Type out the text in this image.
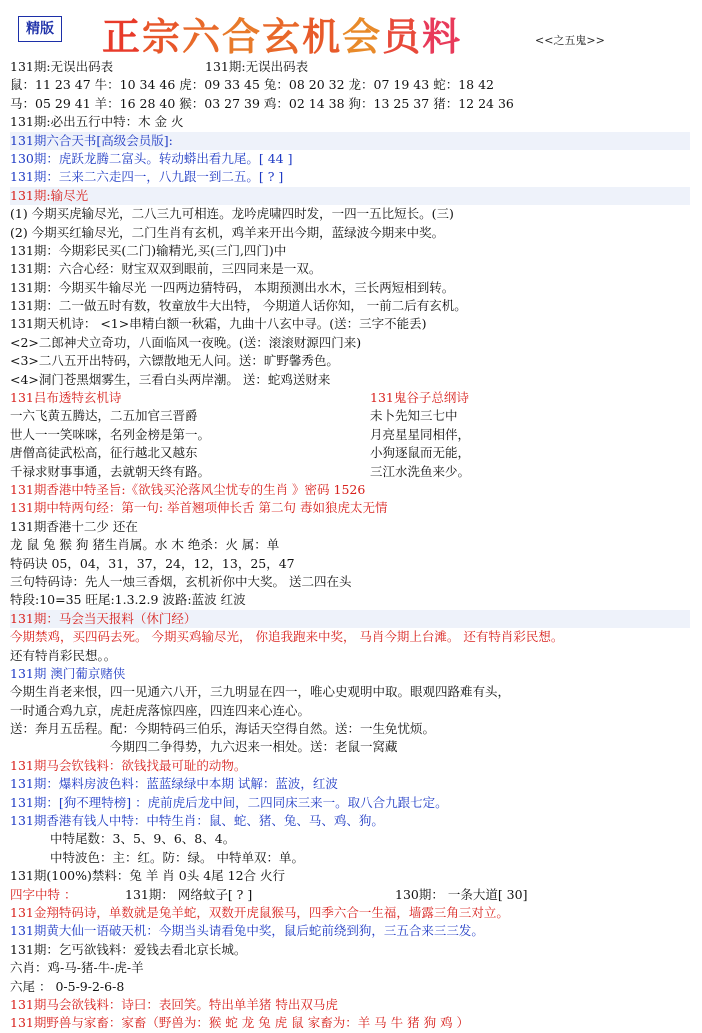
精版 正宗六合玄机会员料	<<之五鬼>>
131期:无误出码表	131期:无误出码表
鼠：11 23 47 牛：10 34 46 虎：09 33 45 兔：08 20 32 龙：07 19 43 蛇：18 42
马：05 29 41 羊：16 28 40 猴：03 27 39 鸡：02 14 38 狗：13 25 37 猪：12 24 36
131期:必出五行中特：木 金 火
131期六合天书[高级会员版]:
130期：虎跃龙腾二富头。转动蟒出看九尾。[ 44 ]
131期：三来二六走四一，八九跟一到二五。[ ? ]
131期:输尽光
(1) 今期买虎输尽光，二八三九可相连。龙吟虎啸四时发，一四一五比短长。(三)
(2) 今期买红输尽光，二门生肖有玄机，鸡羊来开出今期，蓝绿波今期来中奖。
131期：今期彩民买(二门)输精光,买(三门,四门)中
131期：六合心经：财宝双双到眼前，三四同来是一双。
131期：今期买牛输尽光 一四两边猜特码， 本期预测出水木，三长两短相到转。
131期：二一做五时有数，牧童放牛大出特， 今期道人话你知， 一前二后有玄机。
131期天机诗： <1>串精白额一秋霜，九曲十八玄中寻。(送：三字不能丢)
<2>二郎神犬立奇功，八面临风一夜晚。(送：滚滚财源四门来)
<3>二八五开出特码，六镖散地无人问。送：旷野馨秀色。
<4>洞门苍黑烟雾生，三看白头两岸潮。 送：蛇鸡送财来
131吕布透特玄机诗	131鬼谷子总纲诗
一六飞黄五腾达，二五加官三晋爵	未卜先知三七中
世人一一笑咪咪，名列金榜是第一。	月亮星星同相伴，
唐僧高徒武松高，征行越北又越东	小狗逐鼠而无能，
千禄求财事事通，去就朝天终有路。	三江水洗鱼来少。
131期香港中特圣旨:《欲钱买沦落风尘忧专的生肖 》密码 1526
131期中特两句经：第一句: 举首翘项伸长舌 第二句 毒如狼虎太无情
131期香港十二少 还在
龙 鼠 兔 猴 狗 猪生肖属。水 木 绝杀：火 属：单
特码诀 05，04，31，37，24，12，13，25，47
三句特码诗：先人一烛三香烟，玄机祈你中大奖。 送二四在头
特段:10=35 旺尾:1.3.2.9 波路:蓝波 红波
131期：马会当天报料（休门经）
今期禁鸡，买四码去死。 今期买鸡输尽光， 你追我跑来中奖， 马肖今期上台滩。 还有特肖彩民想。
还有特肖彩民想。。
131期 澳门葡京赌侠
今期生肖老来恨，四一见通六八开，三九明显在四一，唯心史观明中取。眼观四路难有头，
一时通合鸡九京，虎赶虎落惊四座，四连四来心连心。
送：奔月五岳程。配：今期特码三伯乐，海话天空得自然。送：一生免忧烦。
今期四二争得势，九六迟来一相处。送：老鼠一窝藏
131期马会钦钱料：欲钱找最可耻的动物。
131期：爆料房波色料：蓝蓝绿绿中本期 试解：蓝波，红波
131期：[狗不理特榜] ：虎前虎后龙中间，二四同床三来一。取八合九跟七定。
131期香港有钱人中特：中特生肖：鼠、蛇、猪、兔、马、鸡、狗。
中特尾数：3、5、9、6、8、4。
中特波色：主：红。防：绿。 中特单双：单。
131期(100%)禁料：兔 羊 肖 0头 4尾 12合 火行
四字中特 ：	131期： 网络蚊子[ ? ]	130期： 一条大道[ 30]
131金翔特码诗，单数就是兔羊蛇，双数开虎鼠猴马，四季六合一生福，墙露三角三对立。
131期黄大仙一语破天机：今期当头请看兔中奖，鼠后蛇前绕到狗，三五合来三三发。
131期：乞丐欲钱料：爱钱去看北京长城。
六肖：鸡-马-猪-牛-虎-羊
六尾 ： 0-5-9-2-6-8
131期马会欲钱料：诗曰：表回笑。特出单羊猪 特出双马虎
131期野兽与家畜：家畜（野兽为：猴 蛇 龙 兔 虎 鼠 家畜为：羊 马 牛 猪 狗 鸡 ）
